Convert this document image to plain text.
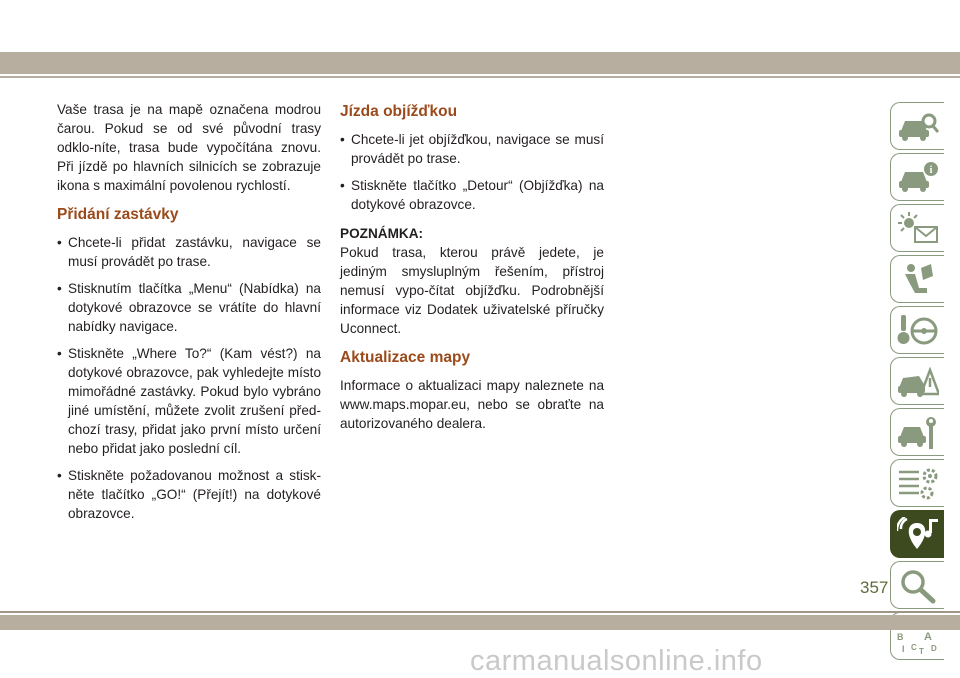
Vaše trasa je na mapě označena modrou čarou. Pokud se od své původní trasy odklo-níte, trasa bude vypočítána znovu. Při jízdě po hlavních silnicích se zobrazuje ikona s maximální povolenou rychlostí.

Přidání zastávky
• Chcete-li přidat zastávku, navigace se musí provádět po trase.
• Stisknutím tlačítka „Menu“ (Nabídka) na dotykové obrazovce se vrátíte do hlavní nabídky navigace.
• Stiskněte „Where To?“ (Kam vést?) na dotykové obrazovce, pak vyhledejte místo mimořádné zastávky. Pokud bylo vybráno jiné umístění, můžete zvolit zrušení před-chozí trasy, přidat jako první místo určení nebo přidat jako poslední cíl.
• Stiskněte požadovanou možnost a stisk-něte tlačítko „GO!“ (Přejít!) na dotykové obrazovce.
Jízda objížďkou
• Chcete-li jet objížďkou, navigace se musí provádět po trase.
• Stiskněte tlačítko „Detour“ (Objížďka) na dotykové obrazovce.

POZNÁMKA:

Pokud trasa, kterou právě jedete, je jediným smysluplným řešením, přístroj nemusí vypo-čítat objížďku. Podrobnější informace viz Dodatek uživatelské příručky Uconnect.

Aktualizace mapy

Informace o aktualizaci mapy naleznete na www.maps.mopar.eu, nebo se obraťte na autorizovaného dealera.

i
B A
C
I	D
T
357
carmanualsonline.info
